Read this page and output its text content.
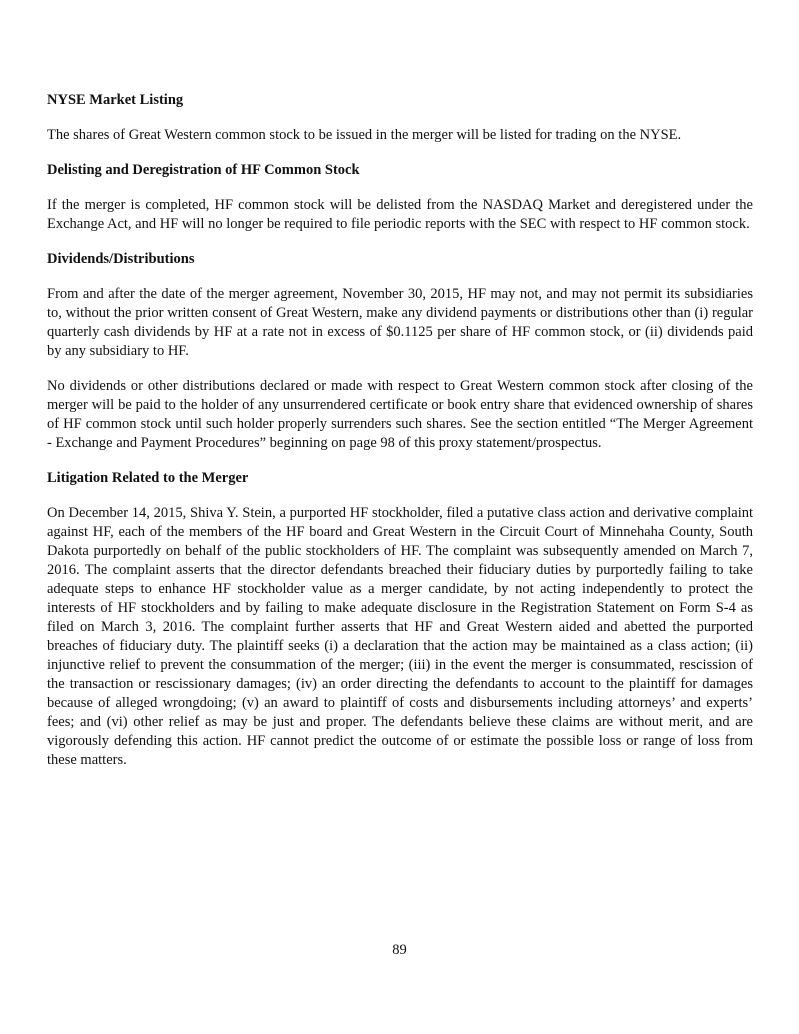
NYSE Market Listing

The shares of Great Western common stock to be issued in the merger will be listed for trading on the NYSE.

Delisting and Deregistration of HF Common Stock

If the merger is completed, HF common stock will be delisted from the NASDAQ Market and deregistered under the Exchange Act, and HF will no longer be required to file periodic reports with the SEC with respect to HF common stock.

Dividends/Distributions

From and after the date of the merger agreement, November 30, 2015, HF may not, and may not permit its subsidiaries to, without the prior written consent of Great Western, make any dividend payments or distributions other than (i) regular quarterly cash dividends by HF at a rate not in excess of $0.1125 per share of HF common stock, or (ii) dividends paid by any subsidiary to HF.

No dividends or other distributions declared or made with respect to Great Western common stock after closing of the merger will be paid to the holder of any unsurrendered certificate or book entry share that evidenced ownership of shares of HF common stock until such holder properly surrenders such shares. See the section entitled “The Merger Agreement - Exchange and Payment Procedures” beginning on page 98 of this proxy statement/prospectus.

Litigation Related to the Merger

On December 14, 2015, Shiva Y. Stein, a purported HF stockholder, filed a putative class action and derivative complaint against HF, each of the members of the HF board and Great Western in the Circuit Court of Minnehaha County, South Dakota purportedly on behalf of the public stockholders of HF. The complaint was subsequently amended on March 7, 2016. The complaint asserts that the director defendants breached their fiduciary duties by purportedly failing to take adequate steps to enhance HF stockholder value as a merger candidate, by not acting independently to protect the interests of HF stockholders and by failing to make adequate disclosure in the Registration Statement on Form S-4 as filed on March 3, 2016. The complaint further asserts that HF and Great Western aided and abetted the purported breaches of fiduciary duty. The plaintiff seeks (i) a declaration that the action may be maintained as a class action; (ii) injunctive relief to prevent the consummation of the merger; (iii) in the event the merger is consummated, rescission of the transaction or rescissionary damages; (iv) an order directing the defendants to account to the plaintiff for damages because of alleged wrongdoing; (v) an award to plaintiff of costs and disbursements including attorneys’ and experts’ fees; and (vi) other relief as may be just and proper. The defendants believe these claims are without merit, and are vigorously defending this action. HF cannot predict the outcome of or estimate the possible loss or range of loss from these matters.

89
